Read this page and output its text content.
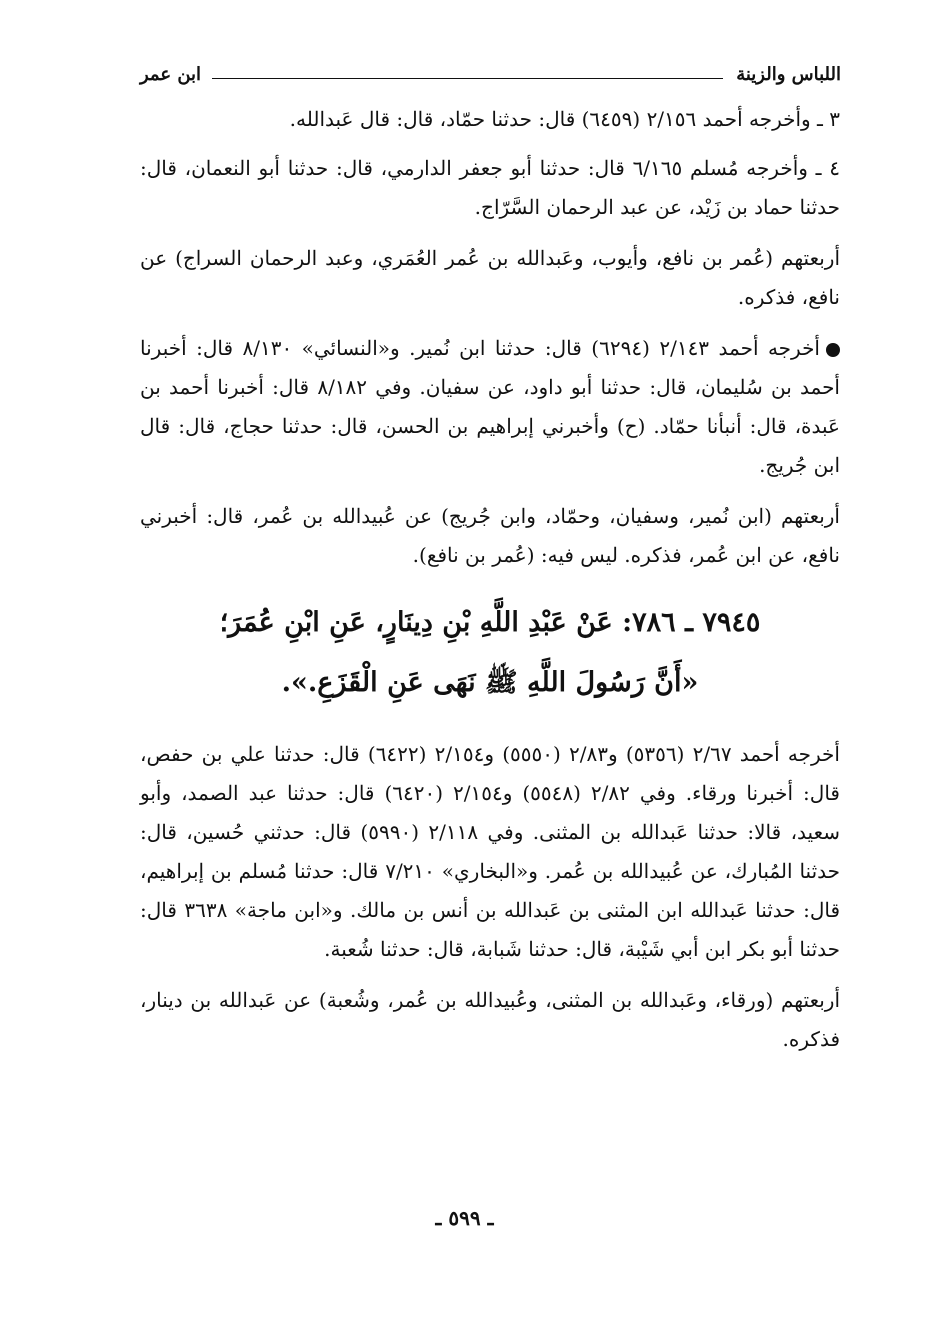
اللباس والزينة
ابن عمر

٣ ـ وأخرجه أحمد ٢/١٥٦ (٦٤٥٩) قال: حدثنا حمّاد، قال: قال عَبدالله.

٤ ـ وأخرجه مُسلم ٦/١٦٥ قال: حدثنا أبو جعفر الدارمي، قال: حدثنا أبو النعمان، قال: حدثنا حماد بن زَيْد، عن عبد الرحمان السَّرّاج.

أربعتهم (عُمر بن نافع، وأيوب، وعَبدالله بن عُمر العُمَري، وعبد الرحمان السراج) عن نافع، فذكره.

أخرجه أحمد ٢/١٤٣ (٦٢٩٤) قال: حدثنا ابن نُمير. و«النسائي» ٨/١٣٠ قال: أخبرنا أحمد بن سُليمان، قال: حدثنا أبو داود، عن سفيان. وفي ٨/١٨٢ قال: أخبرنا أحمد بن عَبدة، قال: أنبأنا حمّاد. (ح) وأخبرني إبراهيم بن الحسن، قال: حدثنا حجاج، قال: قال ابن جُريج.

أربعتهم (ابن نُمير، وسفيان، وحمّاد، وابن جُريج) عن عُبيدالله بن عُمر، قال: أخبرني نافع، عن ابن عُمر، فذكره. ليس فيه: (عُمر بن نافع).

٧٩٤٥ ـ ٧٨٦: عَنْ عَبْدِ اللَّهِ بْنِ دِينَارٍ، عَنِ ابْنِ عُمَرَ؛
«أَنَّ رَسُولَ اللَّهِ ﷺ نَهَى عَنِ الْقَزَعِ.».

أخرجه أحمد ٢/٦٧ (٥٣٥٦) و٢/٨٣ (٥٥٥٠) و٢/١٥٤ (٦٤٢٢) قال: حدثنا علي بن حفص، قال: أخبرنا ورقاء. وفي ٢/٨٢ (٥٥٤٨) و٢/١٥٤ (٦٤٢٠) قال: حدثنا عبد الصمد، وأبو سعيد، قالا: حدثنا عَبدالله بن المثنى. وفي ٢/١١٨ (٥٩٩٠) قال: حدثني حُسين، قال: حدثنا المُبارك، عن عُبيدالله بن عُمر. و«البخاري» ٧/٢١٠ قال: حدثنا مُسلم بن إبراهيم، قال: حدثنا عَبدالله ابن المثنى بن عَبدالله بن أنس بن مالك. و«ابن ماجة» ٣٦٣٨ قال: حدثنا أبو بكر ابن أبي شَيْبة، قال: حدثنا شَبابة، قال: حدثنا شُعبة.

أربعتهم (ورقاء، وعَبدالله بن المثنى، وعُبيدالله بن عُمر، وشُعبة) عن عَبدالله بن دينار، فذكره.

ـ ٥٩٩ ـ
